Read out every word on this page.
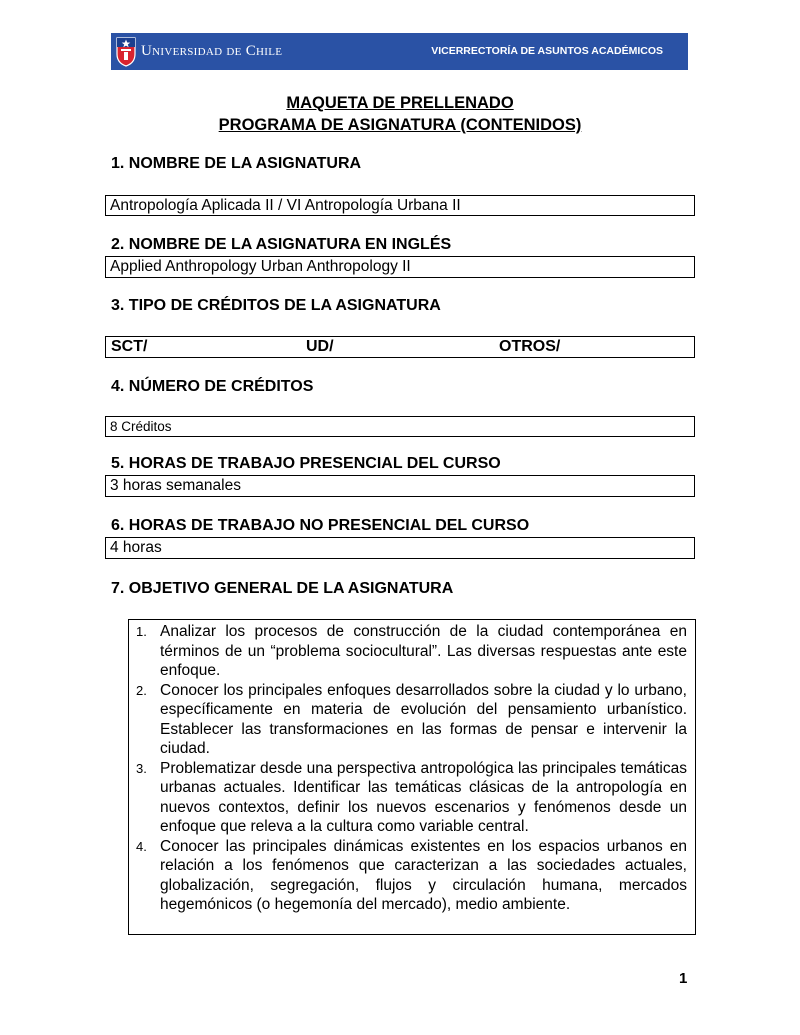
Universidad de Chile	VICERRECTORÍA DE ASUNTOS ACADÉMICOS
MAQUETA DE PRELLENADO
PROGRAMA DE ASIGNATURA (CONTENIDOS)
1. NOMBRE DE LA ASIGNATURA
Antropología Aplicada II / VI Antropología Urbana II
2. NOMBRE DE LA ASIGNATURA EN INGLÉS
Applied Anthropology Urban Anthropology II
3. TIPO DE CRÉDITOS DE LA ASIGNATURA
SCT/	UD/	OTROS/
4. NÚMERO DE CRÉDITOS
8 Créditos
5. HORAS DE TRABAJO PRESENCIAL DEL CURSO
3 horas semanales
6. HORAS DE TRABAJO NO PRESENCIAL DEL CURSO
4 horas
7. OBJETIVO GENERAL DE LA ASIGNATURA
1. Analizar los procesos de construcción de la ciudad contemporánea en términos de un “problema sociocultural”. Las diversas respuestas ante este enfoque.
2. Conocer los principales enfoques desarrollados sobre la ciudad y lo urbano, específicamente en materia de evolución del pensamiento urbanístico. Establecer las transformaciones en las formas de pensar e intervenir la ciudad.
3. Problematizar desde una perspectiva antropológica las principales temáticas urbanas actuales. Identificar las temáticas clásicas de la antropología en nuevos contextos, definir los nuevos escenarios y fenómenos desde un enfoque que releva a la cultura como variable central.
4. Conocer las principales dinámicas existentes en los espacios urbanos en relación a los fenómenos que caracterizan a las sociedades actuales, globalización, segregación, flujos y circulación humana, mercados hegemónicos (o hegemonía del mercado), medio ambiente.
1
